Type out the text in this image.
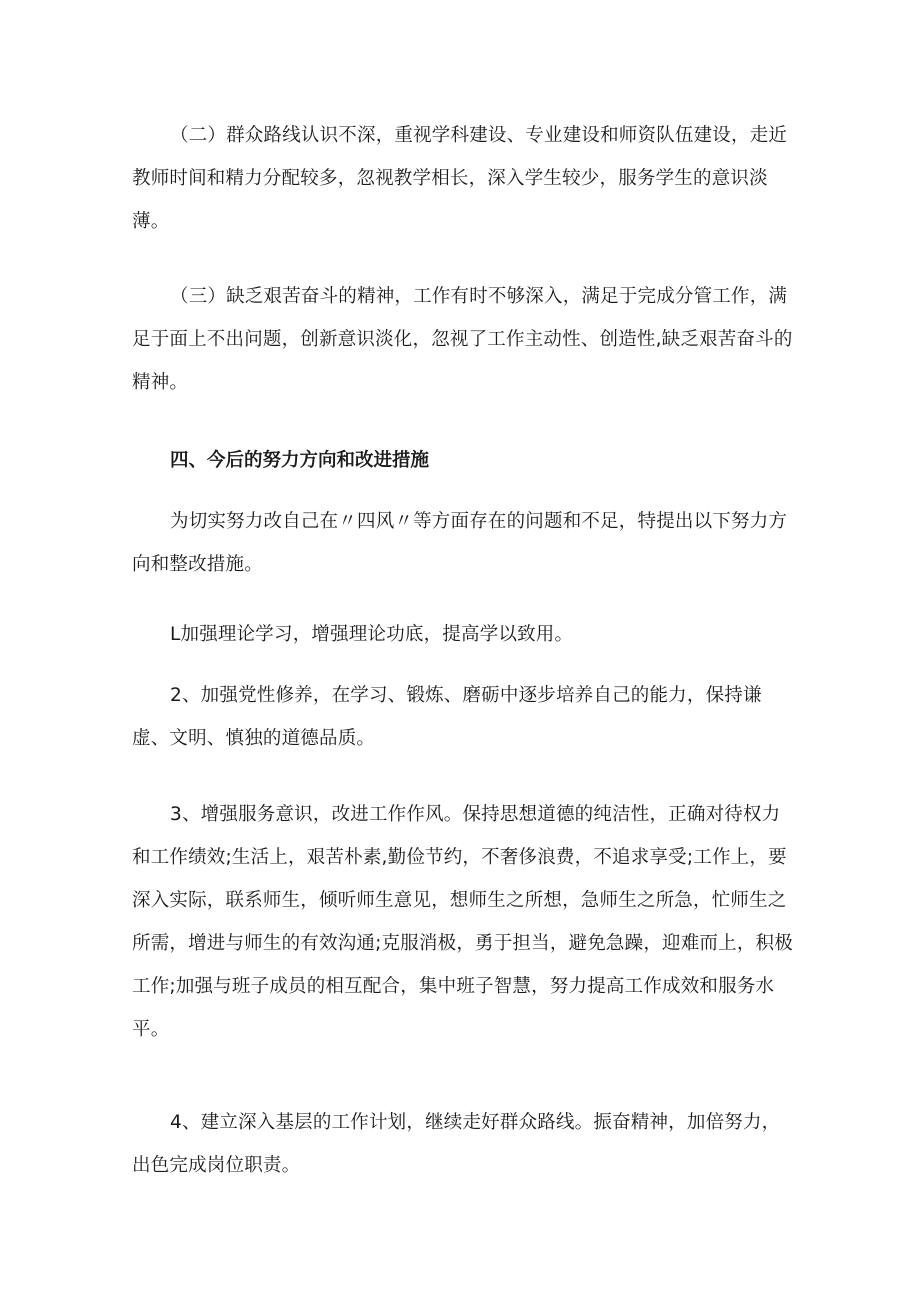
（二）群众路线认识不深，重视学科建设、专业建设和师资队伍建设，走近教师时间和精力分配较多，忽视教学相长，深入学生较少，服务学生的意识淡薄。

（三）缺乏艰苦奋斗的精神，工作有时不够深入，满足于完成分管工作，满足于面上不出问题，创新意识淡化，忽视了工作主动性、创造性,缺乏艰苦奋斗的精神。

四、今后的努力方向和改进措施

为切实努力改自己在〃四风〃等方面存在的问题和不足，特提出以下努力方向和整改措施。

L加强理论学习，增强理论功底，提高学以致用。

2、加强党性修养，在学习、锻炼、磨砺中逐步培养自己的能力，保持谦虚、文明、慎独的道德品质。

3、增强服务意识，改进工作作风。保持思想道德的纯洁性，正确对待权力和工作绩效;生活上，艰苦朴素,勤俭节约，不奢侈浪费，不追求享受;工作上，要深入实际，联系师生，倾听师生意见，想师生之所想，急师生之所急，忙师生之所需，增进与师生的有效沟通;克服消极，勇于担当，避免急躁，迎难而上，积极工作;加强与班子成员的相互配合，集中班子智慧，努力提高工作成效和服务水平。

4、建立深入基层的工作计划，继续走好群众路线。振奋精神，加倍努力，出色完成岗位职责。
